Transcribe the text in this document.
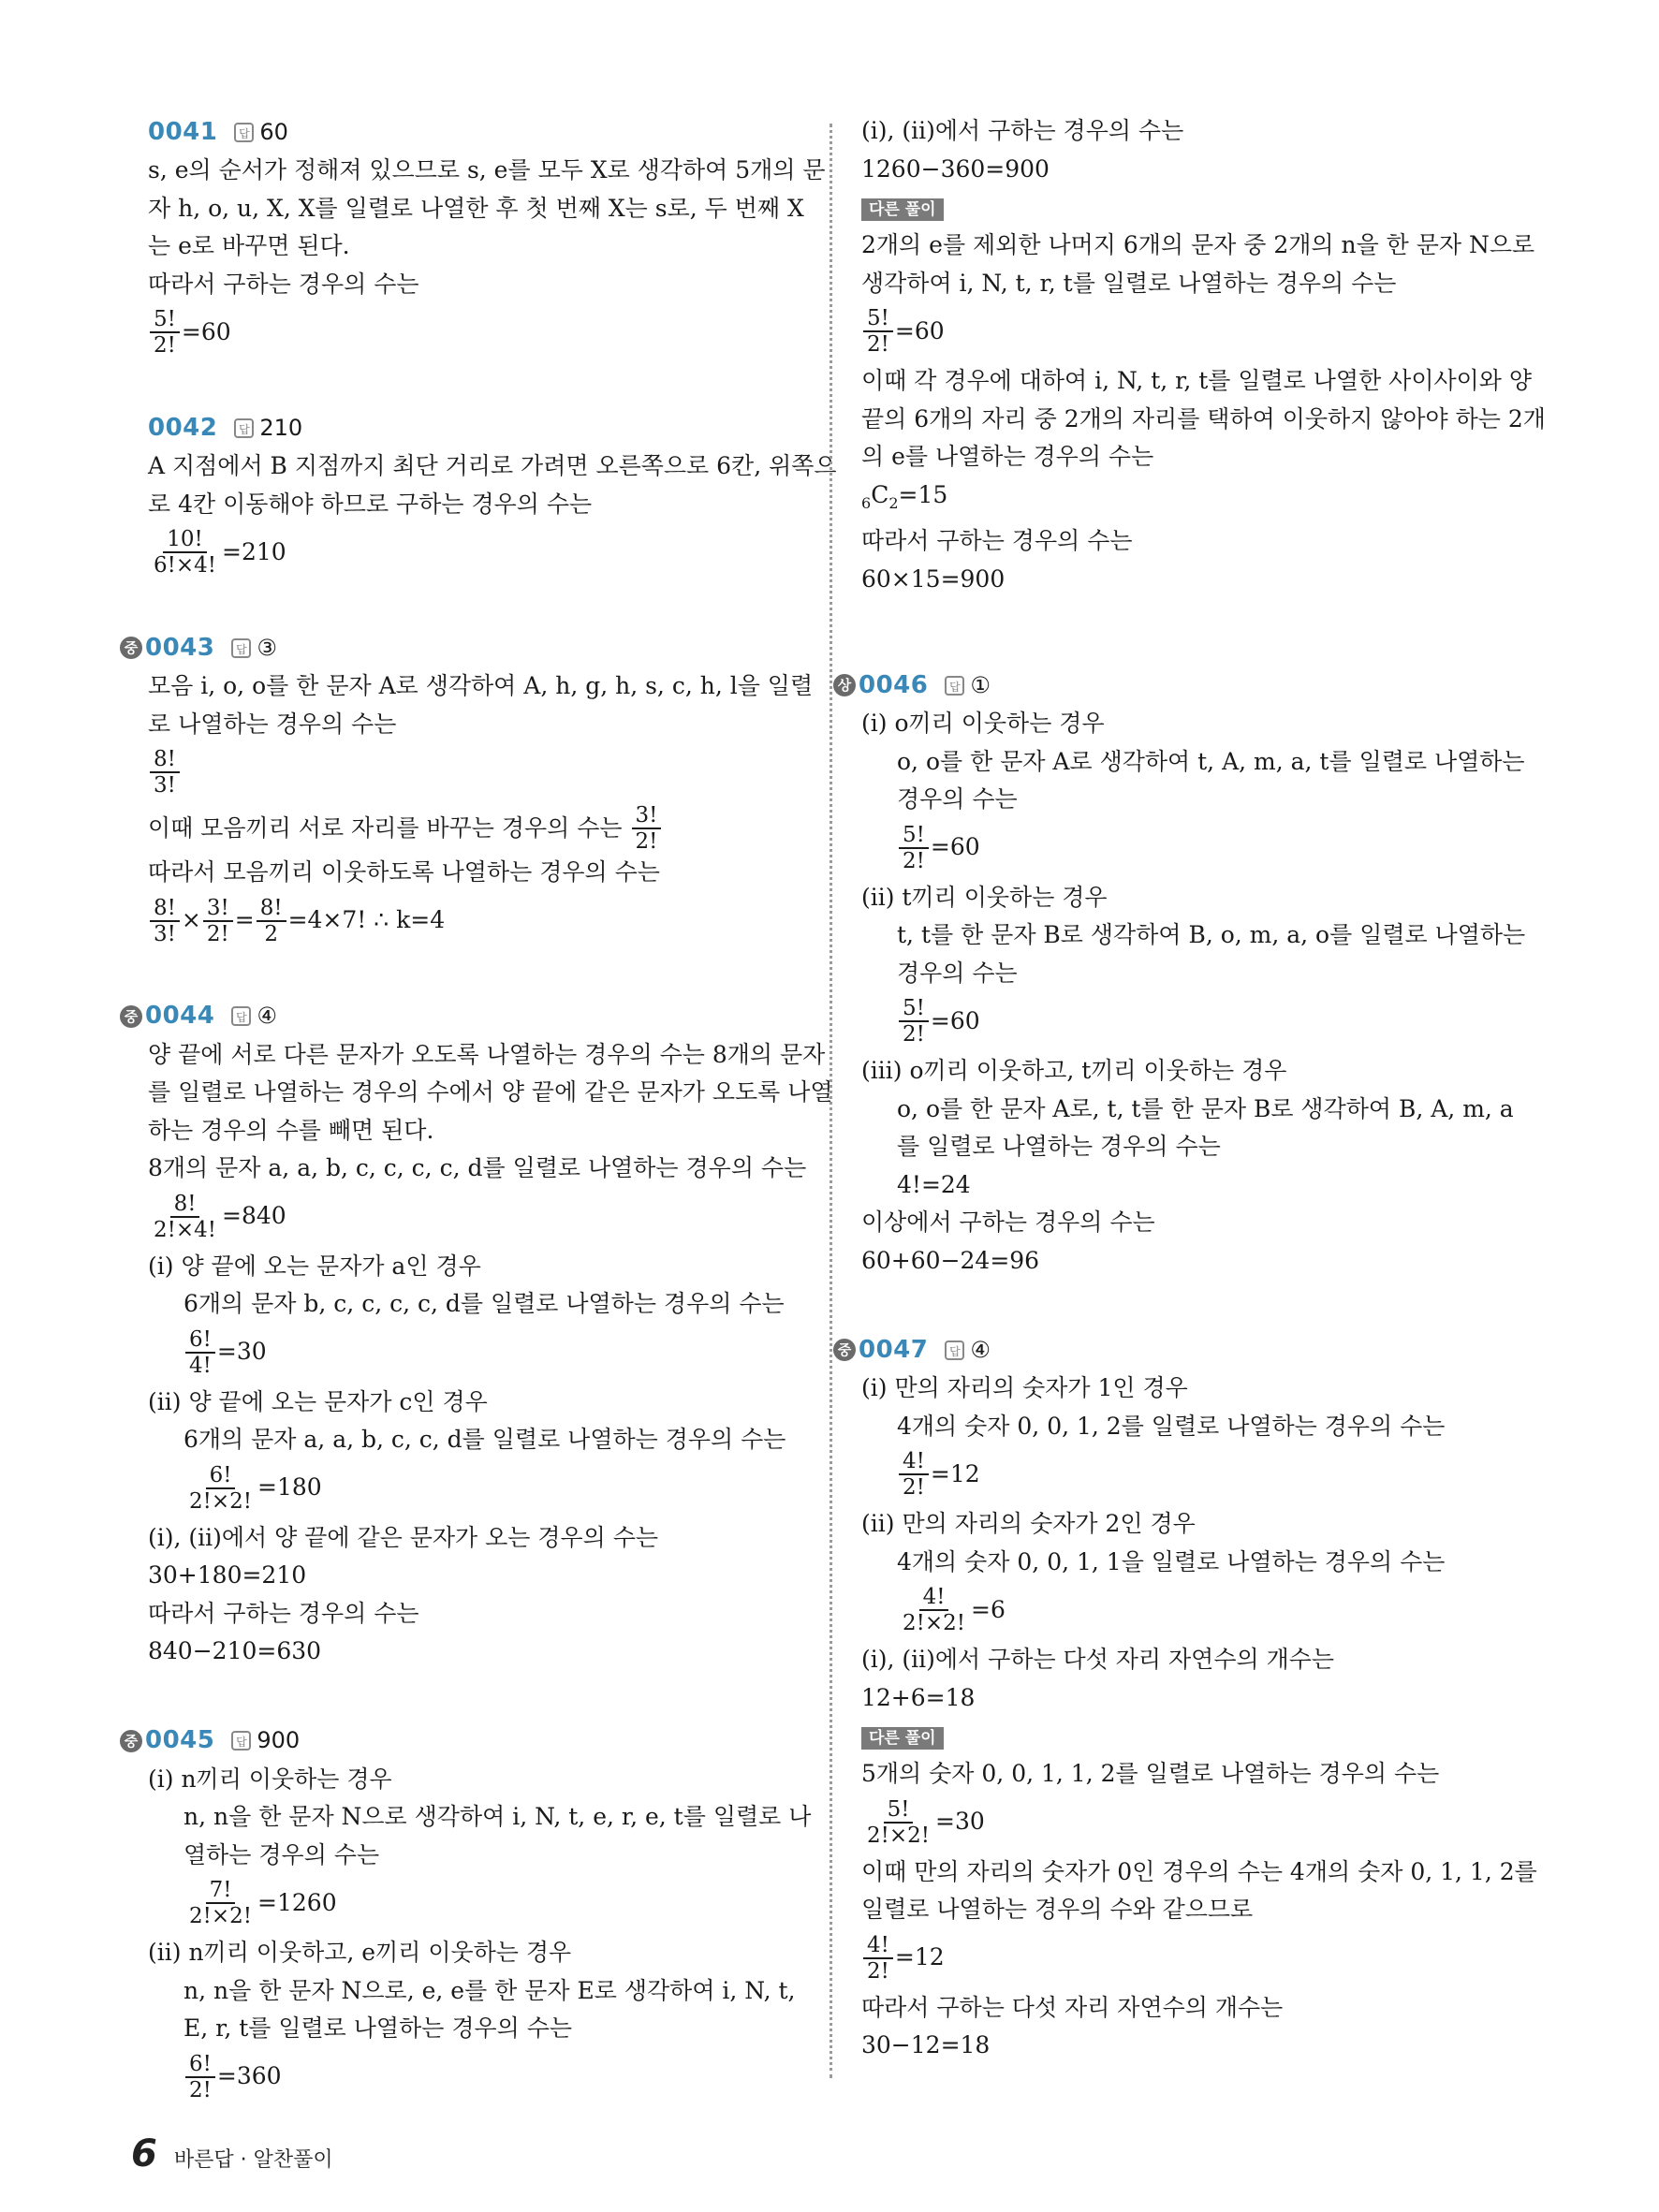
0041	답 60
s, e의 순서가 정해져 있으므로 s, e를 모두 X로 생각하여 5개의 문
자 h, o, u, X, X를 일렬로 나열한 후 첫 번째 X는 s로, 두 번째 X
는 e로 바꾸면 된다.
따라서 구하는 경우의 수는
$\frac{5!}{2!} =60$
0042	답 210
A 지점에서 B 지점까지 최단 거리로 가려면 오른쪽으로 6칸, 위쪽으
로 4칸 이동해야 하므로 구하는 경우의 수는
$\frac{10!}{6!\times 4!} =210$
중 0043	답 ③
모음 i, o, o를 한 문자 A로 생각하여 A, h, g, h, s, c, h, l을 일렬
로 나열하는 경우의 수는
$\frac{8!}{3!}$
이때 모음끼리 서로 자리를 바꾸는 경우의 수는 $\frac{3!}{2!}$
따라서 모음끼리 이웃하도록 나열하는 경우의 수는
$\frac{8!}{3!} \times \frac{3!}{2!} = \frac{8!}{2} =4\times 7$! ∴ k=4
중 0044	답 ④
양 끝에 서로 다른 문자가 오도록 나열하는 경우의 수는 8개의 문자
를 일렬로 나열하는 경우의 수에서 양 끝에 같은 문자가 오도록 나열
하는 경우의 수를 빼면 된다.
8개의 문자 a, a, b, c, c, c, c, d를 일렬로 나열하는 경우의 수는
$\frac{8!}{2!\times 4!} =840$
(ⅰ) 양 끝에 오는 문자가 a인 경우
6개의 문자 b, c, c, c, c, d를 일렬로 나열하는 경우의 수는
$\frac{6!}{4!} =30$
(ⅱ) 양 끝에 오는 문자가 c인 경우
6개의 문자 a, a, b, c, c, d를 일렬로 나열하는 경우의 수는
$\frac{6!}{2!\times 2!} =180$
(ⅰ), (ⅱ)에서 양 끝에 같은 문자가 오는 경우의 수는
30+180=210
따라서 구하는 경우의 수는
840−210=630
중 0045	답 900
(ⅰ) n끼리 이웃하는 경우
n, n을 한 문자 N으로 생각하여 i, N, t, e, r, e, t를 일렬로 나
열하는 경우의 수는
$\frac{7!}{2!\times 2!} =1260$
(ⅱ) n끼리 이웃하고, e끼리 이웃하는 경우
n, n을 한 문자 N으로, e, e를 한 문자 E로 생각하여 i, N, t,
E, r, t를 일렬로 나열하는 경우의 수는
$\frac{6!}{2!} =360$
(ⅰ), (ⅱ)에서 구하는 경우의 수는
1260−360=900
다른 풀이
2개의 e를 제외한 나머지 6개의 문자 중 2개의 n을 한 문자 N으로
생각하여 i, N, t, r, t를 일렬로 나열하는 경우의 수는
$\frac{5!}{2!} =60$
이때 각 경우에 대하여 i, N, t, r, t를 일렬로 나열한 사이사이와 양
끝의 6개의 자리 중 2개의 자리를 택하여 이웃하지 않아야 하는 2개
의 e를 나열하는 경우의 수는
$_6C_2=15$
따라서 구하는 경우의 수는
60×15=900
상 0046	답 ①
(ⅰ) o끼리 이웃하는 경우
o, o를 한 문자 A로 생각하여 t, A, m, a, t를 일렬로 나열하는
경우의 수는
$\frac{5!}{2!} =60$
(ⅱ) t끼리 이웃하는 경우
t, t를 한 문자 B로 생각하여 B, o, m, a, o를 일렬로 나열하는
경우의 수는
$\frac{5!}{2!} =60$
(ⅲ) o끼리 이웃하고, t끼리 이웃하는 경우
o, o를 한 문자 A로, t, t를 한 문자 B로 생각하여 B, A, m, a
를 일렬로 나열하는 경우의 수는
4!=24
이상에서 구하는 경우의 수는
60+60−24=96
중 0047	답 ④
(ⅰ) 만의 자리의 숫자가 1인 경우
4개의 숫자 0, 0, 1, 2를 일렬로 나열하는 경우의 수는
$\frac{4!}{2!} =12$
(ⅱ) 만의 자리의 숫자가 2인 경우
4개의 숫자 0, 0, 1, 1을 일렬로 나열하는 경우의 수는
$\frac{4!}{2!\times 2!} =6$
(ⅰ), (ⅱ)에서 구하는 다섯 자리 자연수의 개수는
12+6=18
다른 풀이
5개의 숫자 0, 0, 1, 1, 2를 일렬로 나열하는 경우의 수는
$\frac{5!}{2!\times 2!} =30$
이때 만의 자리의 숫자가 0인 경우의 수는 4개의 숫자 0, 1, 1, 2를
일렬로 나열하는 경우의 수와 같으므로
$\frac{4!}{2!} =12$
따라서 구하는 다섯 자리 자연수의 개수는
30−12=18
6 바른답 · 알찬풀이
